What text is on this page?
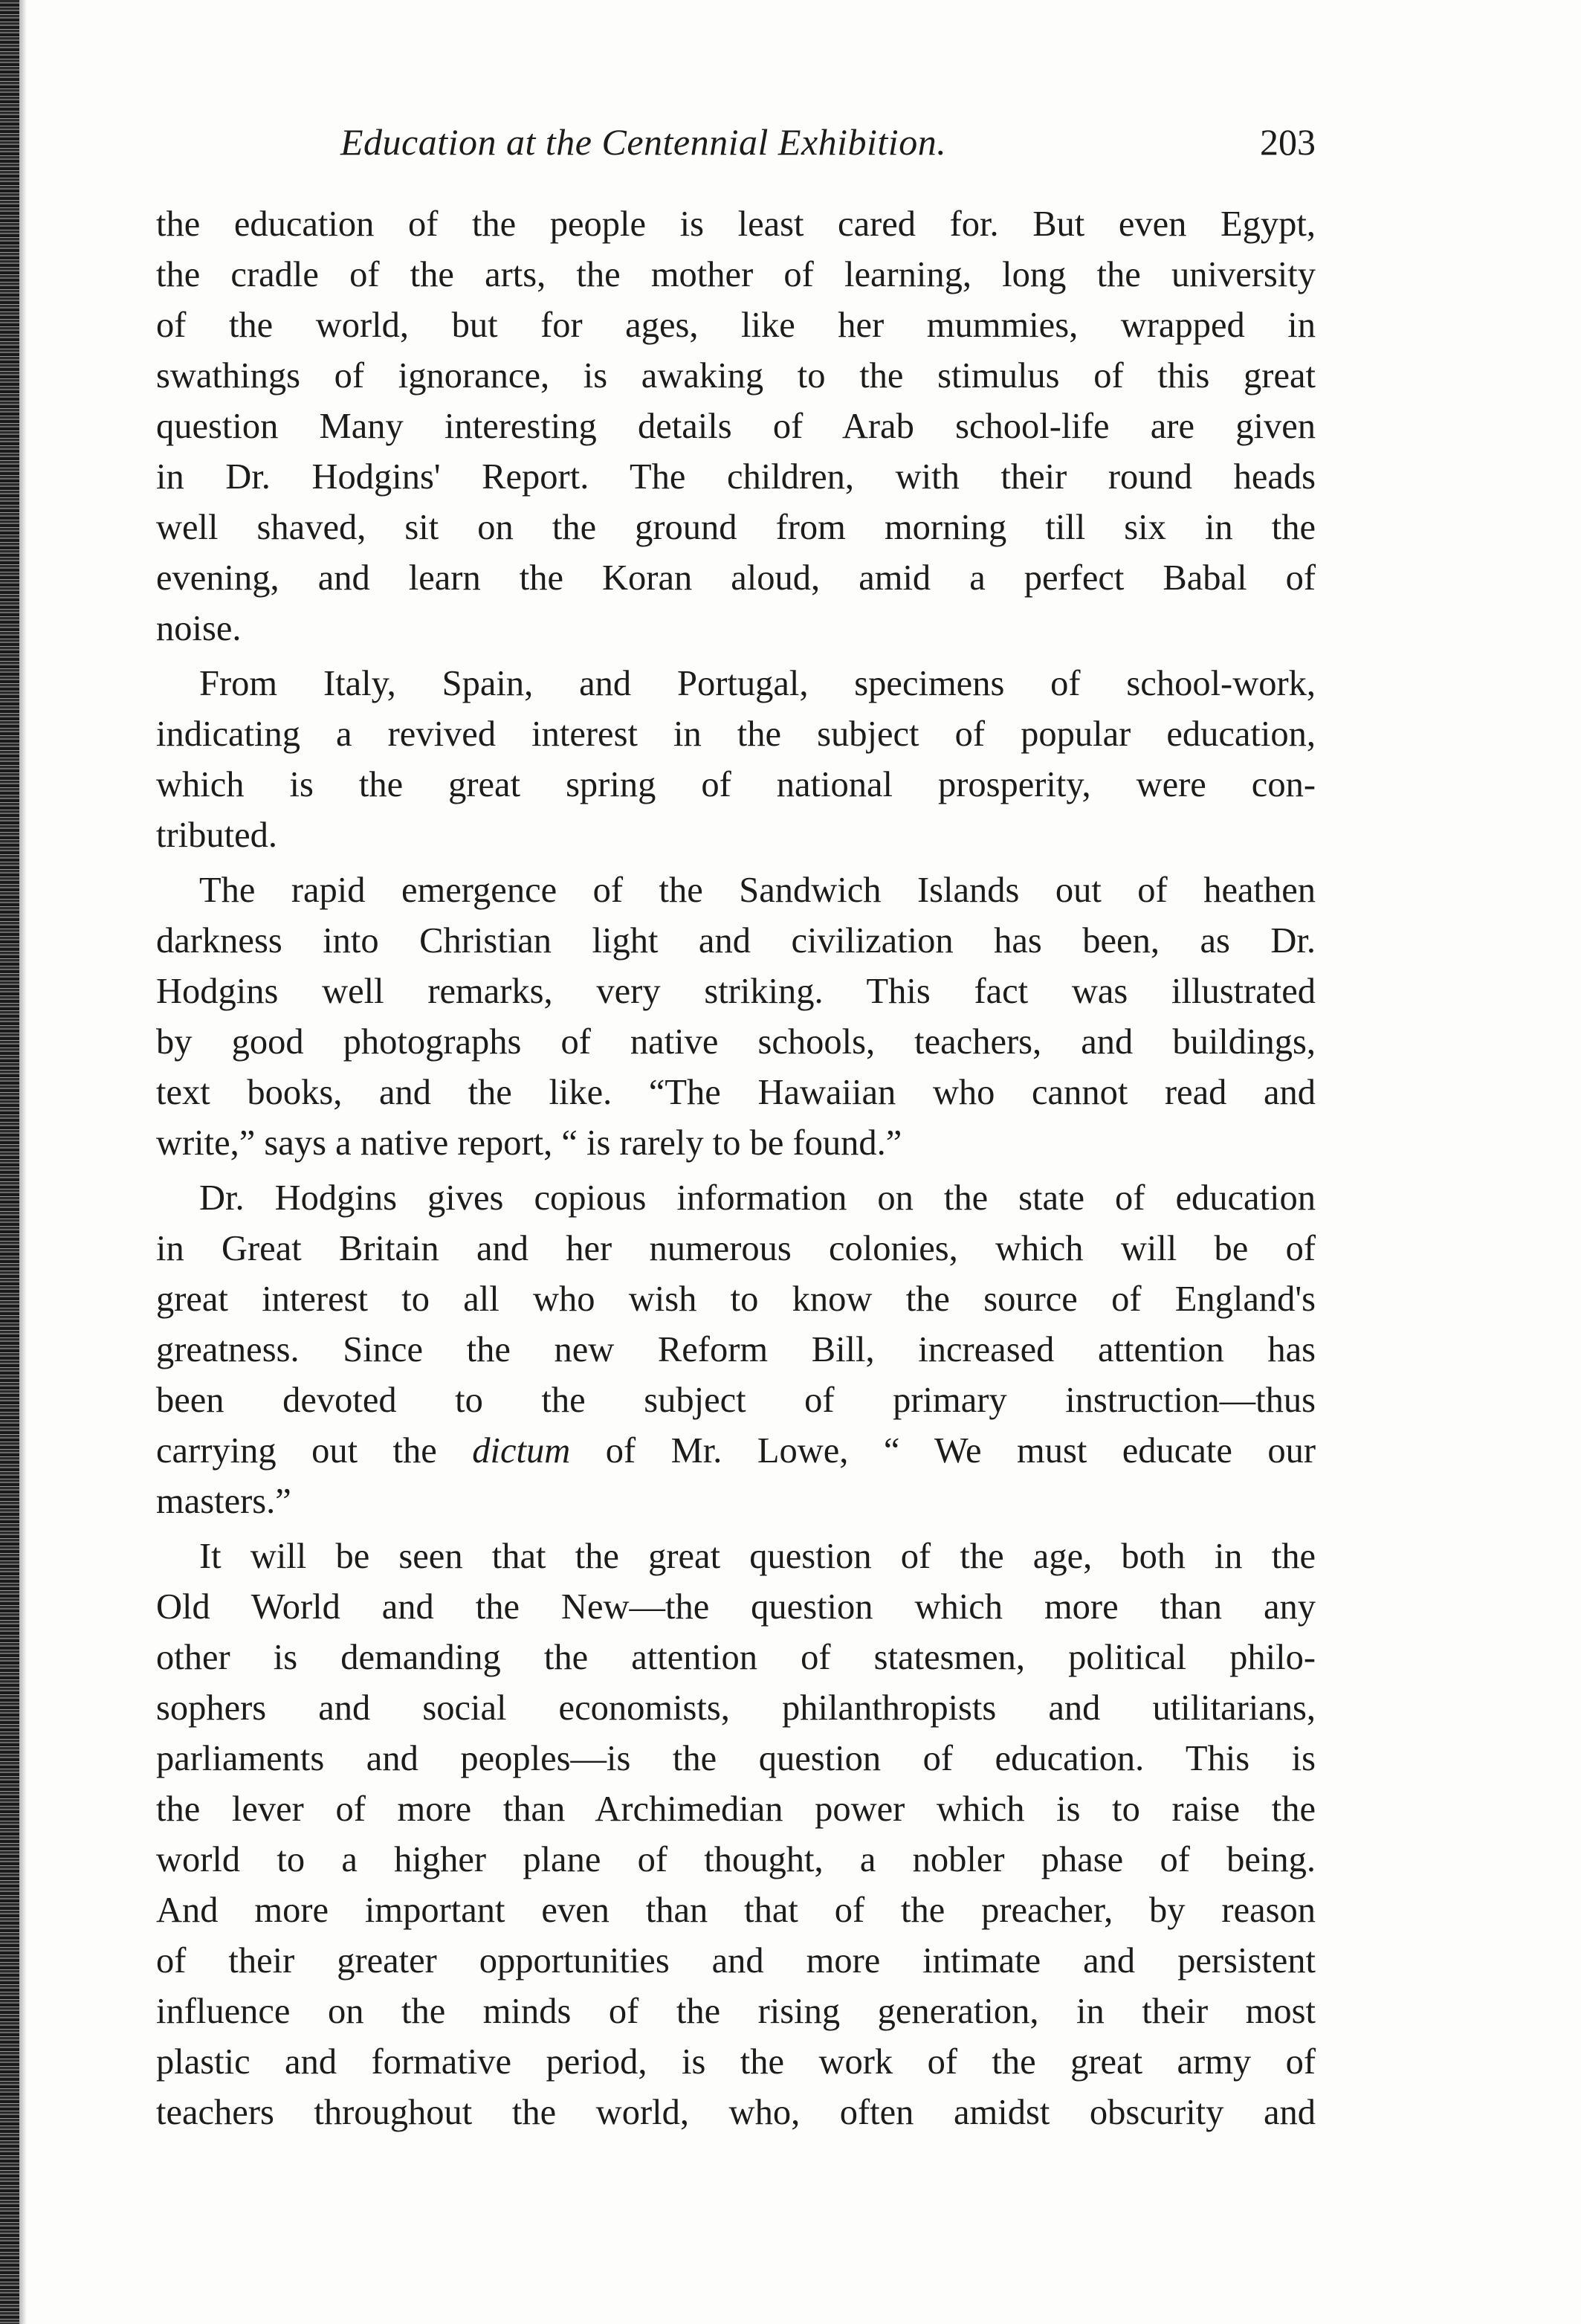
Education at the Centennial Exhibition.	203
the education of the people is least cared for. But even Egypt,
the cradle of the arts, the mother of learning, long the university
of the world, but for ages, like her mummies, wrapped in
swathings of ignorance, is awaking to the stimulus of this great
question Many interesting details of Arab school-life are given
in Dr. Hodgins' Report. The children, with their round heads
well shaved, sit on the ground from morning till six in the
evening, and learn the Koran aloud, amid a perfect Babal of
noise.
From Italy, Spain, and Portugal, specimens of school-work,
indicating a revived interest in the subject of popular education,
which is the great spring of national prosperity, were con-
tributed.
The rapid emergence of the Sandwich Islands out of heathen
darkness into Christian light and civilization has been, as Dr.
Hodgins well remarks, very striking. This fact was illustrated
by good photographs of native schools, teachers, and buildings,
text books, and the like. “The Hawaiian who cannot read and
write,” says a native report, “ is rarely to be found.”
Dr. Hodgins gives copious information on the state of education
in Great Britain and her numerous colonies, which will be of
great interest to all who wish to know the source of England's
greatness. Since the new Reform Bill, increased attention has
been devoted to the subject of primary instruction—thus
carrying out the dictum of Mr. Lowe, “ We must educate our
masters.”
It will be seen that the great question of the age, both in the
Old World and the New—the question which more than any
other is demanding the attention of statesmen, political philo-
sophers and social economists, philanthropists and utilitarians,
parliaments and peoples—is the question of education. This is
the lever of more than Archimedian power which is to raise the
world to a higher plane of thought, a nobler phase of being.
And more important even than that of the preacher, by reason
of their greater opportunities and more intimate and persistent
influence on the minds of the rising generation, in their most
plastic and formative period, is the work of the great army of
teachers throughout the world, who, often amidst obscurity and
